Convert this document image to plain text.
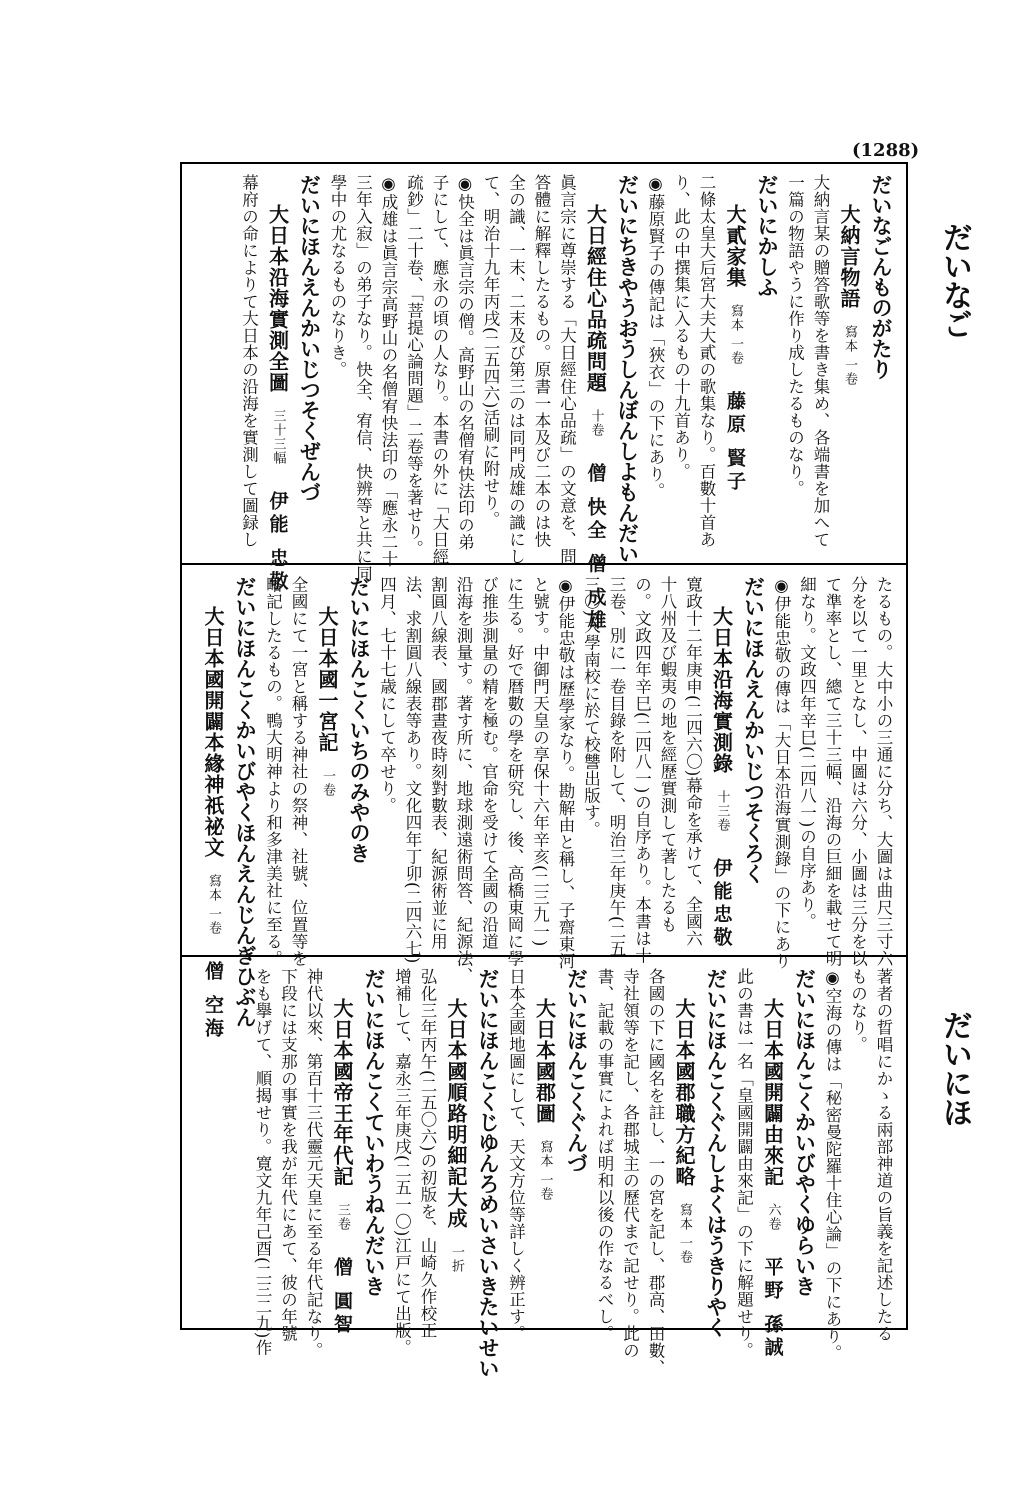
(1288)
だいなご
だいにほ
だいなごんものがたり
大納言物語寫本 一卷
大納言某の贈答歌等を書き集め、各端書を加へて
一篇の物語やうに作り成したるものなり。
だいにかしふ
大貳家集寫本 一卷藤原 賢子
二條太皇大后宮大夫大貳の歌集なり。百數十首あ
り、此の中撰集に入るもの十九首あり。
◉藤原賢子の傳記は「狹衣」の下にあり。
だいにちきやうおうしんぼんしよもんだい
大日經住心品疏問題十卷僧 快全 僧 成雄
眞言宗に尊崇する「大日經住心品疏」の文意を、問
答體に解釋したるもの。原書一本及び二本のは快
全の識、一末、二末及び第三のは同門成雄の識にし
て、明治十九年丙戌(二五四六)活刷に附せり。
◉快全は眞言宗の僧。高野山の名僧宥快法印の弟
子にして、應永の頃の人なり。本書の外に「大日經
疏鈔」二十卷、「菩提心論問題」二卷等を著せり。
◉成雄は眞言宗高野山の名僧宥快法印の「應永二十
三年入寂」の弟子なり。快全、宥信、快辨等と共に同
學中の尤なるものなりき。
だいにほんえんかいじつそくぜんづ
大日本沿海實測全圖三十三幅伊能 忠敬
幕府の命によりて大日本の沿海を實測して圖録し
たるもの。大中小の三通に分ち、大圖は曲尺三寸六
分を以て一里となし、中圖は六分、小圖は三分を以
て準率とし、總て三十三幅、沿海の巨細を載せて明
細なり。文政四年辛巳(二四八一)の自序あり。
◉伊能忠敬の傳は「大日本沿海實測錄」の下にあり
だいにほんえんかいじつそくろく
大日本沿海實測錄十三卷伊能忠敬
寛政十二年庚申(二四六〇)幕命を承けて、全國六
十八州及び蝦夷の地を經歷實測して著したるも
の。文政四年辛巳(二四八一)の自序あり。本書は十
三卷、別に一卷目錄を附して、明治三年庚午(二五
三〇)大學南校に於て校讐出版す。
◉伊能忠敬は歷學家なり。勘解由と稱し、子齋東河
と號す。中御門天皇の享保十六年辛亥(二三九一)
に生る。好で暦數の學を研究し、後、高橋東岡に學
び推歩測量の精を極む。官命を受けて全國の沿道
沿海を測量す。著す所に、地球測遠術問答、紀源法、
割圓八線表、國郡晝夜時刻對數表、紀源術並に用
法、求割圓八線表等あり。文化四年丁卯(二四六七)
四月、七十七歳にして卒せり。
だいにほんこくいちのみやのき
大日本國一宮記一卷
全國にて一宮と稱する神社の祭神、社號、位置等を
略記したるもの。鴨大明神より和多津美社に至る。
だいにほんこくかいびやくほんえんじんぎひぶん
大日本國開闢本緣神祇祕文寫本 一卷僧 空海	著者の晢唱にかゝる兩部神道の旨義を記述したる
ものなり。
◉空海の傳は「秘密曼陀羅十住心論」の下にあり。
だいにほんこくかいびやくゆらいき
大日本國開闢由來記六卷平野 孫誠
此の書は一名「皇國開闢由來記」の下に解題せり。
だいにほんこくぐんしよくはうきりやく
大日本國郡職方紀略寫本 一卷
各國の下に國名を註し、一の宮を記し、郡高、田數、
寺社領等を記し、各郡城主の歷代まで記せり。此の
書、記載の事實によれば明和以後の作なるべし。
だいにほんこくぐんづ
大日本國郡圖寫本 一卷
日本全國地圖にして、天文方位等詳しく辨正す。
だいにほんこくじゆんろめいさいきたいせい
大日本國順路明細記大成一折
弘化三年丙午(二五〇六)の初版を、山崎久作校正
增補して、嘉永三年庚戌(二五一〇)江戸にて出版。
だいにほんこくていわうねんだいき
大日本國帝王年代記三卷僧 圓智
神代以來、第百十三代靈元天皇に至る年代記なり。
下段には支那の事實を我が年代にあて、彼の年號
をも擧げて、順揭せり。寛文九年己酉(二三二九)作
